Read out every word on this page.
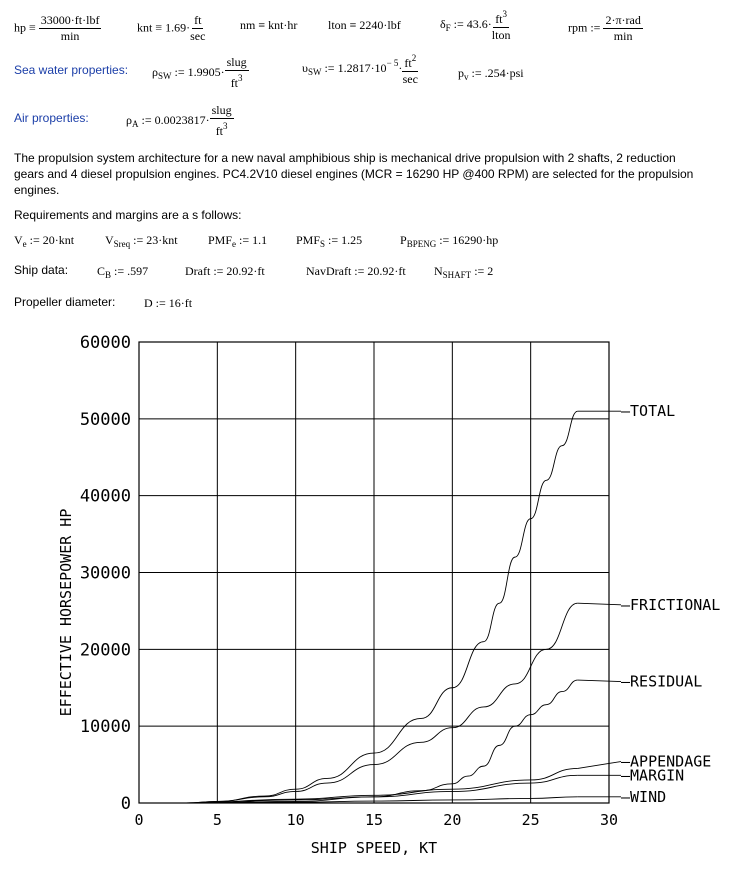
hp ≡ $\frac{\text{33000·ft·lbf}}{\min}$	knt ≡ $1.69\cdot \frac{ft}{\sec}$	nm ≡ knt·hr	lton ≡ 2240·lbf	$\delta_F$ := $43.6\cdot \frac{ft^3}{\text{lton}}$	rpm := $\frac{\text{2·π·rad}}{\min}$
Sea water properties: $\rho_{SW}$ := $1.9905\cdot \frac{\text{slug}}{ft^3}$	$\upsilon_{SW}$ := $1.2817\cdot 10^{- 5}\cdot \frac{ft^2}{\sec}$	$p_v$ := .254·psi
Air properties:	$\rho_A$ := $0.0023817\cdot \frac{\text{slug}}{ft^3}$
The propulsion system architecture for a new naval amphibious ship is mechanical drive propulsion with 2 shafts, 2 reduction
gears and 4 diesel propulsion engines. PC4.2V10 diesel engines (MCR = 16290 HP @400 RPM) are selected for the propulsion
engines.
Requirements and margins are a s follows:
$V_e$ := 20·knt	$V_{Sreq}$ := 23·knt	$PMF_e$ := 1.1 $PMF_S$ := 1.25	$P_{BPENG}$ := 16290·hp
Ship data: $C_B$ := .597	Draft := 20.92·ft	NavDraft := 20.92·ft $N_{SHAFT}$ := 2
Propeller diameter: D := 16·ft
0	5	10	15	20	25	30
0
10000
20000
30000
40000
50000
60000
—TOTAL
—FRICTIONAL
—RESIDUAL
—APPENDAGE
—MARGIN
—WIND
SHIP SPEED, KT
EFFECTIVE HORSEPOWER HP
